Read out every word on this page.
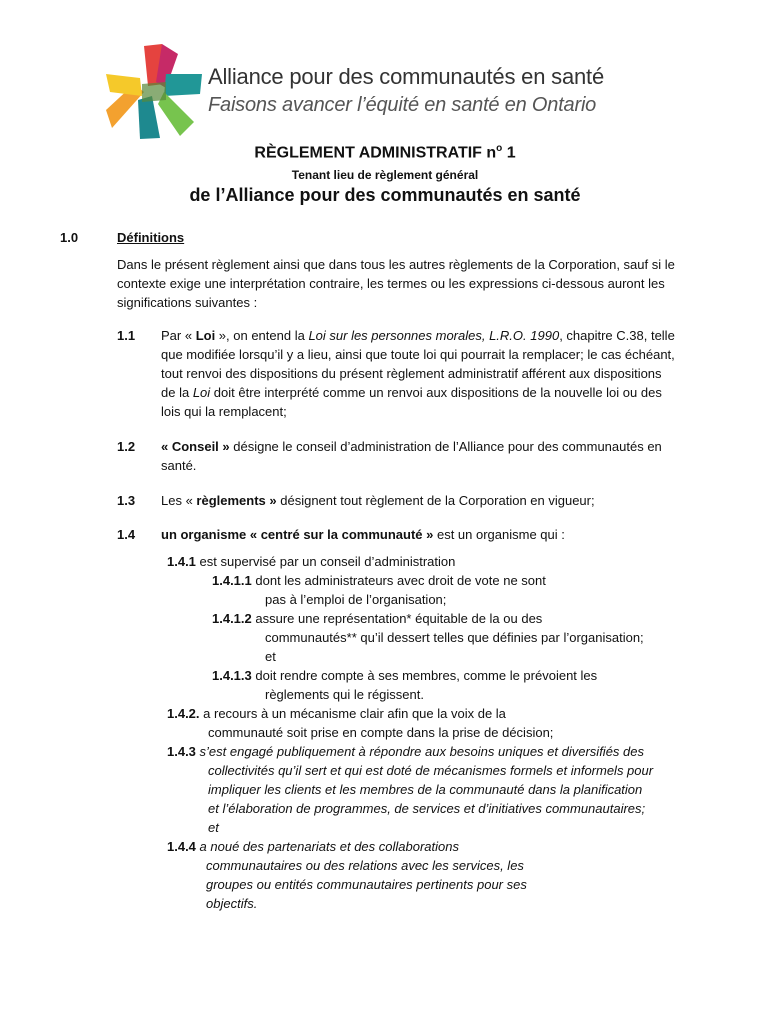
Alliance pour des communautés en santé
Faisons avancer l’équité en santé en Ontario
RÈGLEMENT ADMINISTRATIF $n^o$ 1
Tenant lieu de règlement général
de l’Alliance pour des communautés en santé
1.0	Définitions
Dans le présent règlement ainsi que dans tous les autres règlements de la Corporation, sauf si le contexte exige une interprétation contraire, les termes ou les expressions ci-dessous auront les significations suivantes :
1.1 Par « Loi », on entend la Loi sur les personnes morales, L.R.O. 1990, chapitre C.38, telle que modifiée lorsqu’il y a lieu, ainsi que toute loi qui pourrait la remplacer; le cas échéant, tout renvoi des dispositions du présent règlement administratif afférent aux dispositions de la Loi doit être interprété comme un renvoi aux dispositions de la nouvelle loi ou des lois qui la remplacent;
1.2 « Conseil » désigne le conseil d’administration de l’Alliance pour des communautés en santé.
1.3 Les « règlements » désignent tout règlement de la Corporation en vigueur;
1.4 un organisme « centré sur la communauté » est un organisme qui :
1.4.1 est supervisé par un conseil d’administration
1.4.1.1 dont les administrateurs avec droit de vote ne sont
pas à l’emploi de l’organisation;
1.4.1.2 assure une représentation* équitable de la ou des
communautés** qu’il dessert telles que définies par l’organisation;
et
1.4.1.3 doit rendre compte à ses membres, comme le prévoient les
règlements qui le régissent.
1.4.2. a recours à un mécanisme clair afin que la voix de la
communauté soit prise en compte dans la prise de décision;
1.4.3 s’est engagé publiquement à répondre aux besoins uniques et diversifiés des
collectivités qu’il sert et qui est doté de mécanismes formels et informels pour
impliquer les clients et les membres de la communauté dans la planification
et l’élaboration de programmes, de services et d’initiatives communautaires;
et
1.4.4 a noué des partenariats et des collaborations
communautaires ou des relations avec les services, les
groupes ou entités communautaires pertinents pour ses
objectifs.
